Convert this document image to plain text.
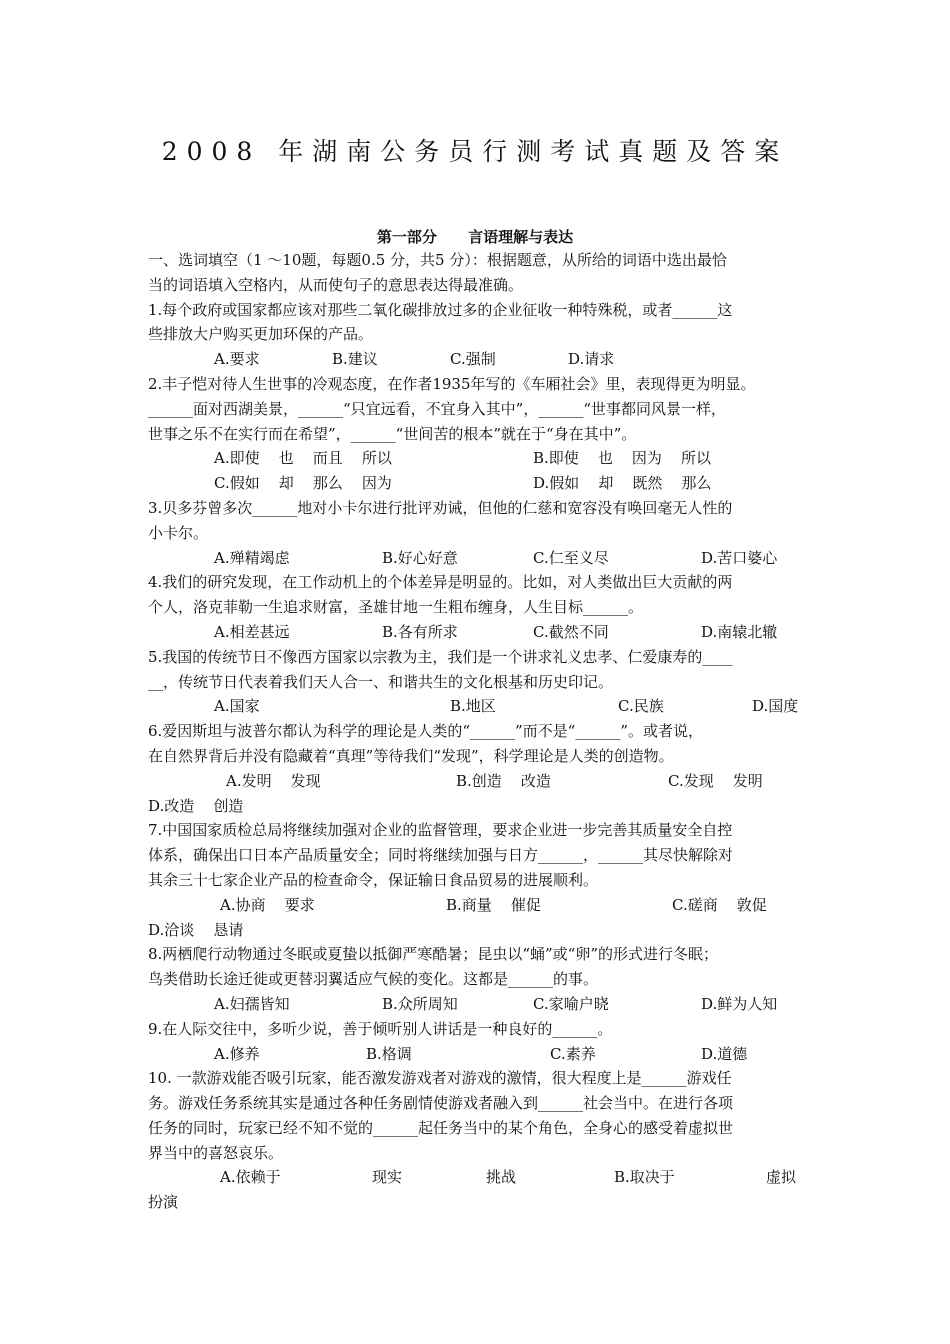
2008 年湖南公务员行测考试真题及答案
第一部分      言语理解与表达
一、选词填空（1 ～10题，每题0.5 分，共5 分）：根据题意，从所给的词语中选出最恰
当的词语填入空格内，从而使句子的意思表达得最准确。
1.每个政府或国家都应该对那些二氧化碳排放过多的企业征收一种特殊税，或者______这
些排放大户购买更加环保的产品。
A.要求	B.建议	C.强制	D.请求
2.丰子恺对待人生世事的冷观态度，在作者1935年写的《车厢社会》里，表现得更为明显。
______面对西湖美景，______“只宜远看，不宜身入其中”，______“世事都同风景一样，
世事之乐不在实行而在希望”，______“世间苦的根本”就在于“身在其中”。
A.即使    也    而且    所以	B.即使    也    因为    所以
C.假如    却    那么    因为	D.假如    却    既然    那么
3.贝多芬曾多次______地对小卡尔进行批评劝诫，但他的仁慈和宽容没有唤回毫无人性的
小卡尔。
A.殚精竭虑	B.好心好意	C.仁至义尽	D.苦口婆心
4.我们的研究发现，在工作动机上的个体差异是明显的。比如，对人类做出巨大贡献的两
个人，洛克菲勒一生追求财富，圣雄甘地一生粗布缠身，人生目标______。
A.相差甚远	B.各有所求	C.截然不同	D.南辕北辙
5.我国的传统节日不像西方国家以宗教为主，我们是一个讲求礼义忠孝、仁爱康寿的____
__，传统节日代表着我们天人合一、和谐共生的文化根基和历史印记。
A.国家	B.地区	C.民族	D.国度
6.爱因斯坦与波普尔都认为科学的理论是人类的“______”而不是“______”。或者说，
在自然界背后并没有隐藏着“真理”等待我们“发现”，科学理论是人类的创造物。
A.发明    发现	B.创造    改造	C.发现    发明
D.改造    创造
7.中国国家质检总局将继续加强对企业的监督管理，要求企业进一步完善其质量安全自控
体系，确保出口日本产品质量安全；同时将继续加强与日方______，______其尽快解除对
其余三十七家企业产品的检查命令，保证输日食品贸易的进展顺利。
A.协商    要求	B.商量    催促	C.磋商    敦促
D.洽谈    恳请
8.两栖爬行动物通过冬眠或夏蛰以抵御严寒酷暑；昆虫以“蛹”或“卵”的形式进行冬眠；
鸟类借助长途迁徙或更替羽翼适应气候的变化。这都是______的事。
A.妇孺皆知	B.众所周知	C.家喻户晓	D.鲜为人知
9.在人际交往中，多听少说，善于倾听别人讲话是一种良好的______。
A.修养	B.格调	C.素养	D.道德
10. 一款游戏能否吸引玩家，能否激发游戏者对游戏的激情，很大程度上是______游戏任
务。游戏任务系统其实是通过各种任务剧情使游戏者融入到______社会当中。在进行各项
任务的同时，玩家已经不知不觉的______起任务当中的某个角色，全身心的感受着虚拟世
界当中的喜怒哀乐。
A.依赖于	现实	挑战	B.取决于	虚拟
扮演
